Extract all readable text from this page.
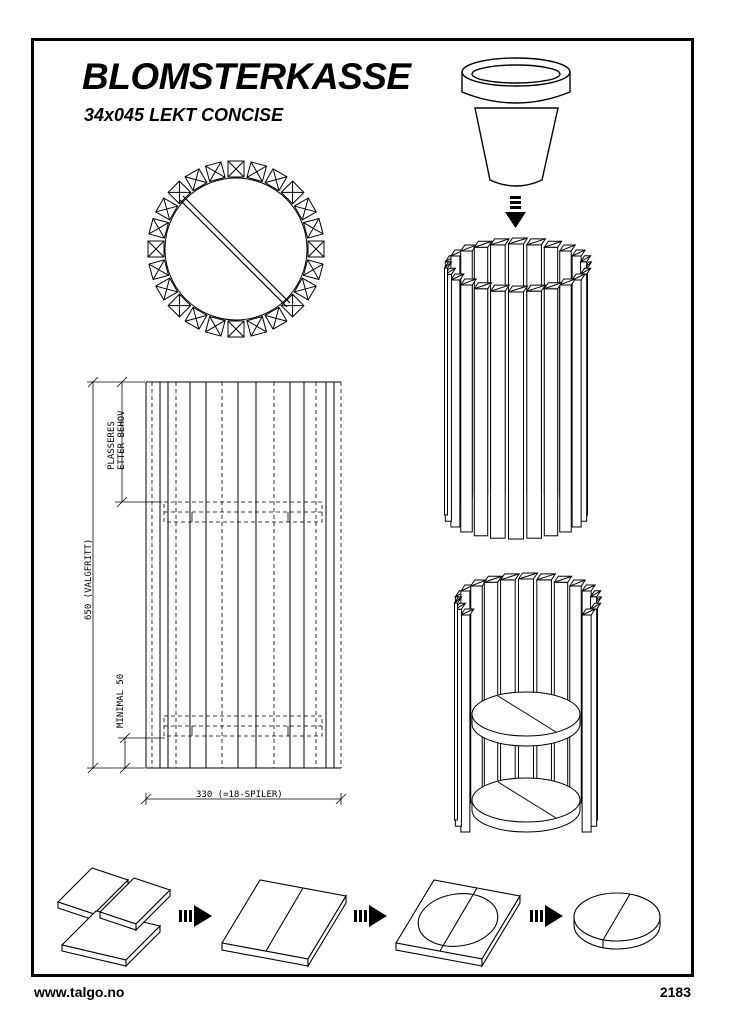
BLOMSTERKASSE
34x045 LEKT CONCISE
PLASSERES ETTER BEHOV
650 (VALGFRITT)
MINIMAL 50
330 (=18-SPILER)
www.talgo.no	2183
